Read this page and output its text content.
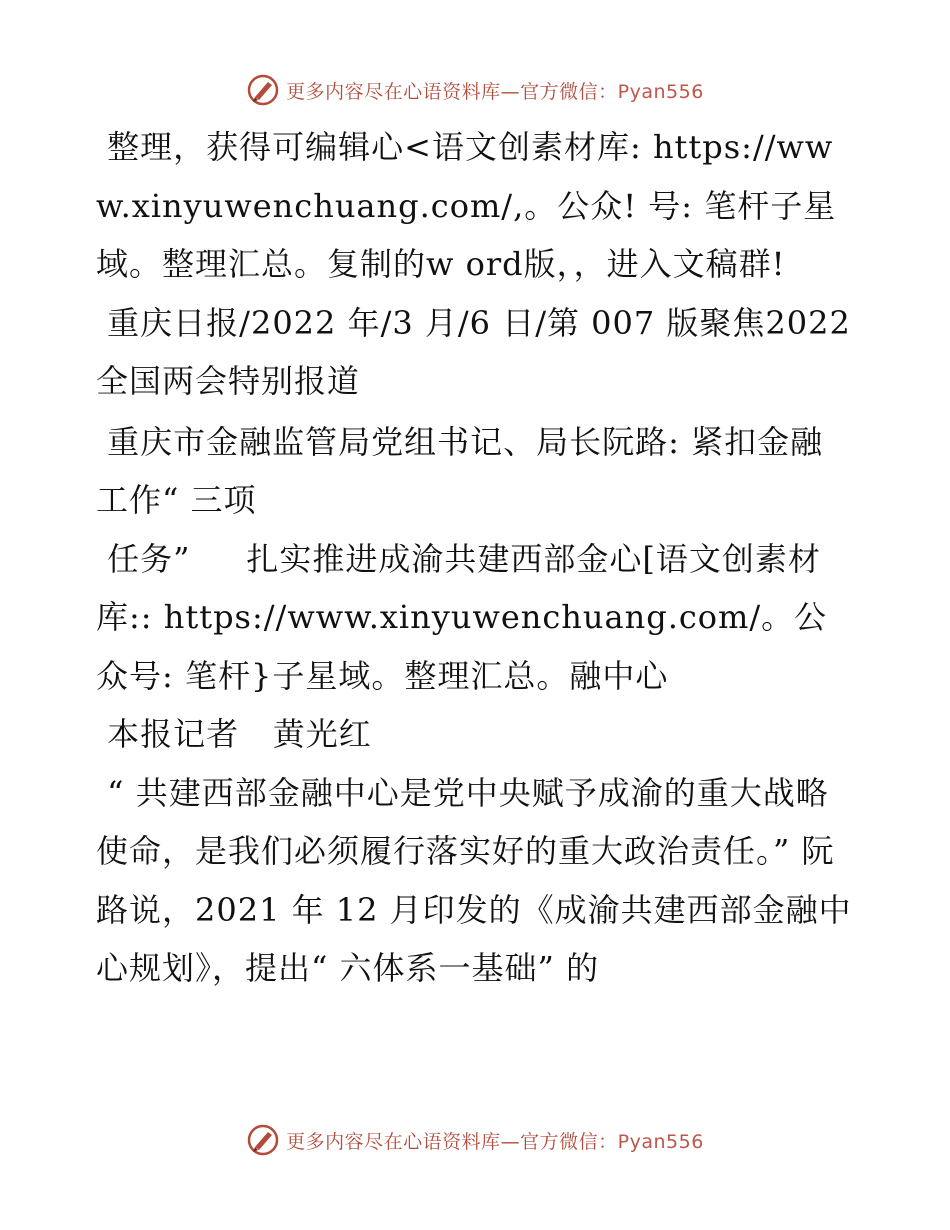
更多内容尽在心语资料库—官方微信：Pyan556

整理，获得可编辑心<语文创素材库: https://www.xinyuwenchuang.com/,。公众! 号: 笔杆子星域。整理汇总。复制的w ord版，，进入文稿群!

重庆日报/2022 年/3 月/6 日/第 007 版聚焦2022 全国两会特别报道

重庆市金融监管局党组书记、局长阮路: 紧扣金融工作“ 三项

任务”     扎实推进成渝共建西部金心[语文创素材库:: https://www.xinyuwenchuang.com/。公众号: 笔杆}子星域。整理汇总。融中心

本报记者   黄光红

“ 共建西部金融中心是党中央赋予成渝的重大战略使命，是我们必须履行落实好的重大政治责任。” 阮路说，2021 年 12 月印发的《成渝共建西部金融中心规划》，提出“ 六体系一基础” 的

更多内容尽在心语资料库—官方微信：Pyan556
